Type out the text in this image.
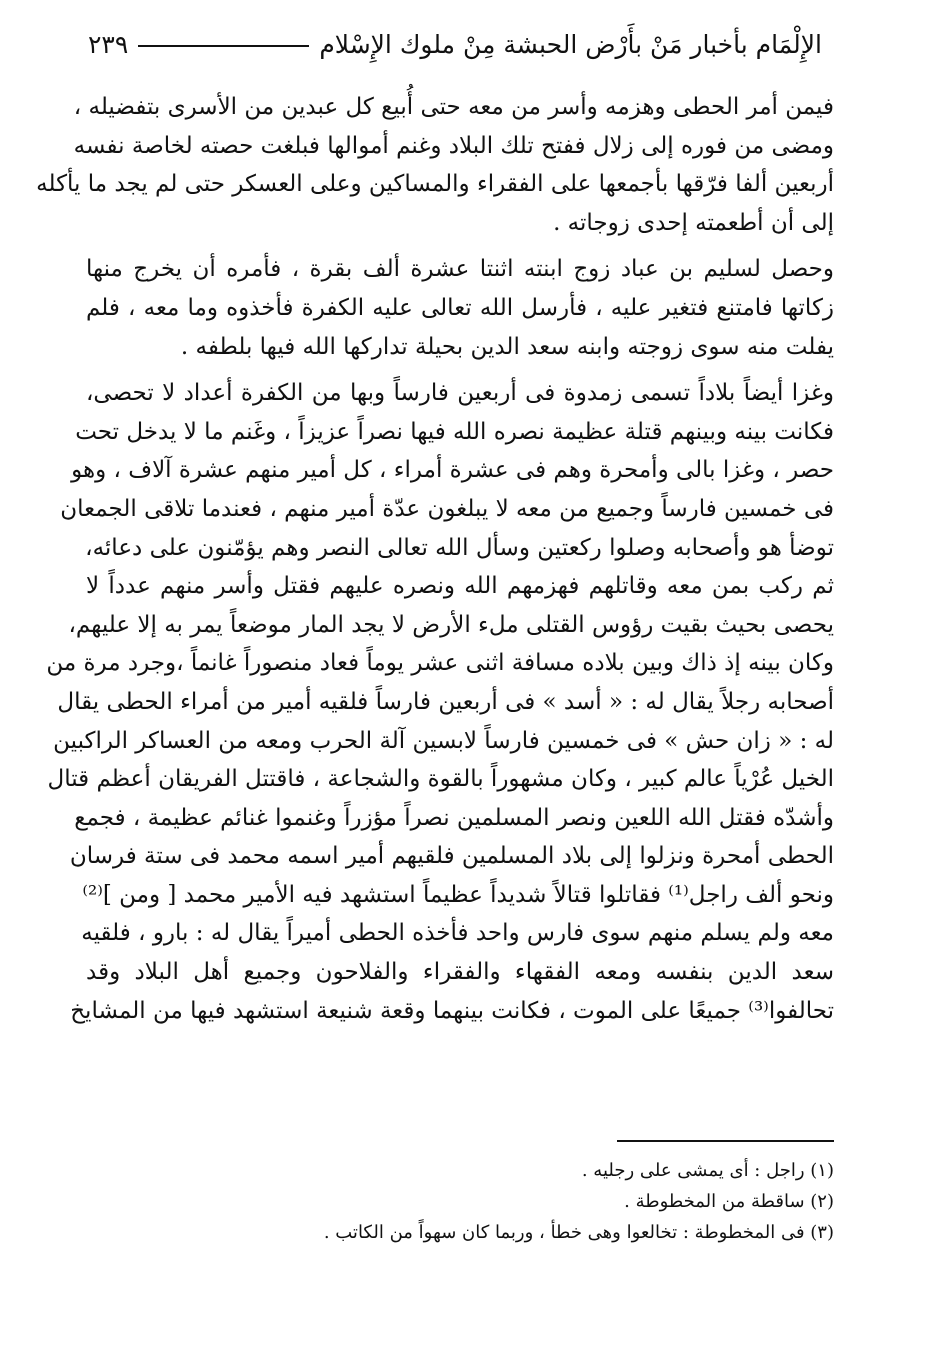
الإِلْمَام بأخبار مَنْ بأَرْض الحبشة مِنْ ملوك الإِسْلام
٢٣٩
فيمن أمر الحطى وهزمه وأسر من معه حتى أُبيع كل عبدين من الأسرى بتفضيله ،
ومضى من فوره إلى زلال ففتح تلك البلاد وغنم أموالها فبلغت حصته لخاصة نفسه
أربعين ألفا فرّقها بأجمعها على الفقراء والمساكين وعلى العسكر حتى لم يجد ما يأكله
إلى أن أطعمته إحدى زوجاته .
وحصل لسليم بن عباد زوج ابنته اثنتا عشرة ألف بقرة ، فأمره أن يخرج منها
زكاتها فامتنع فتغير عليه ، فأرسل الله تعالى عليه الكفرة فأخذوه وما معه ، فلم
يفلت منه سوى زوجته وابنه سعد الدين بحيلة تداركها الله فيها بلطفه .
وغزا أيضاً بلاداً تسمى زمدوة فى أربعين فارساً وبها من الكفرة أعداد لا تحصى،
فكانت بينه وبينهم قتلة عظيمة نصره الله فيها نصراً عزيزاً ، وغَنم ما لا يدخل تحت
حصر ، وغزا بالى وأمحرة وهم فى عشرة أمراء ، كل أمير منهم عشرة آلاف ، وهو
فى خمسين فارساً وجميع من معه لا يبلغون عدّة أمير منهم ، فعندما تلاقى الجمعان
توضأ هو وأصحابه وصلوا ركعتين وسأل الله تعالى النصر وهم يؤمّنون على دعائه،
ثم ركب بمن معه وقاتلهم فهزمهم الله ونصره عليهم فقتل وأسر منهم عدداً لا
يحصى بحيث بقيت رؤوس القتلى ملء الأرض لا يجد المار موضعاً يمر به إلا عليهم،
وكان بينه إذ ذاك وبين بلاده مسافة اثنى عشر يوماً فعاد منصوراً غانماً ،وجرد مرة من
أصحابه رجلاً يقال له : « أسد » فى أربعين فارساً فلقيه أمير من أمراء الحطى يقال
له : « زان حش » فى خمسين فارساً لابسين آلة الحرب ومعه من العساكر الراكبين
الخيل عُرْياً عالم كبير ، وكان مشهوراً بالقوة والشجاعة ، فاقتتل الفريقان أعظم قتال
وأشدّه فقتل الله اللعين ونصر المسلمين نصراً مؤزراً وغنموا غنائم عظيمة ، فجمع
الحطى أمحرة ونزلوا إلى بلاد المسلمين فلقيهم أمير اسمه محمد فى ستة فرسان
ونحو ألف راجل⁽¹⁾ فقاتلوا قتالاً شديداً عظيماً استشهد فيه الأمير محمد [ ومن ]⁽²⁾
معه ولم يسلم منهم سوى فارس واحد فأخذه الحطى أميراً يقال له : بارو ، فلقيه
سعد الدين بنفسه ومعه الفقهاء والفقراء والفلاحون وجميع أهل البلاد وقد
تحالفوا⁽³⁾ جميعًا على الموت ، فكانت بينهما وقعة شنيعة استشهد فيها من المشايخ
(١) راجل : أى يمشى على رجليه .
(٢) ساقطة من المخطوطة .
(٣) فى المخطوطة : تخالعوا وهى خطأ ، وربما كان سهواً من الكاتب .
